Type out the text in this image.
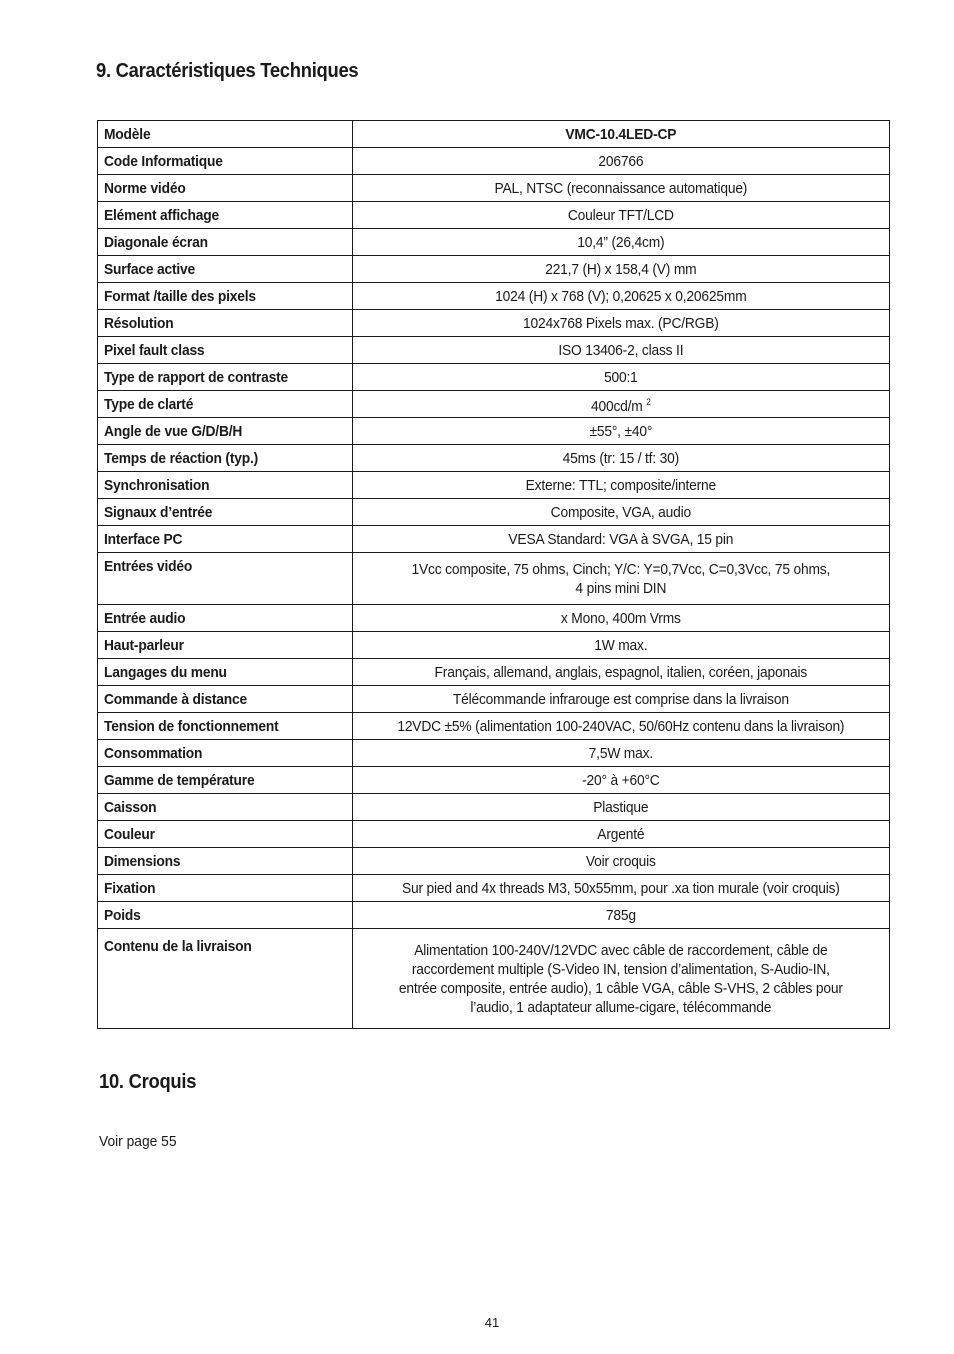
9. Caractéristiques Techniques
Modèle	VMC-10.4LED-CP

Code Informatique	206766

Norme vidéo	PAL, NTSC (reconnaissance automatique)

Elément affichage	Couleur TFT/LCD

Diagonale écran	10,4” (26,4cm)

Surface active	221,7 (H) x 158,4 (V) mm

Format /taille des pixels	1024 (H) x 768 (V); 0,20625 x 0,20625mm

Résolution	1024x768 Pixels max. (PC/RGB)

Pixel fault class	ISO 13406-2, class II

Type de rapport de contraste	500:1

Type de clarté	400cd/m $^2$

Angle de vue G/D/B/H	±55°, ±40°

Temps de réaction (typ.)	45ms (tr: 15 / tf: 30)

Synchronisation	Externe: TTL; composite/interne

Signaux d’entrée	Composite, VGA, audio

Interface PC	VESA Standard: VGA à SVGA, 15 pin

Entrées vidéo	1Vcc composite, 75 ohms, Cinch; Y/C: Y=0,7Vcc, C=0,3Vcc, 75 ohms,
4 pins mini DIN

Entrée audio	x Mono, 400m Vrms

Haut-parleur	1W max.

Langages du menu	Français, allemand, anglais, espagnol, italien, coréen, japonais

Commande à distance	Télécommande infrarouge est comprise dans la livraison

Tension de fonctionnement	12VDC ±5% (alimentation 100-240VAC, 50/60Hz contenu dans la livraison)

Consommation	7,5W max.

Gamme de température	-20° à +60°C

Caisson	Plastique

Couleur	Argenté

Dimensions	Voir croquis

Fixation	Sur pied and 4x threads M3, 50x55mm, pour .xa tion murale (voir croquis)

Poids	785g

Contenu de la livraison	Alimentation 100-240V/12VDC avec câble de raccordement, câble de
raccordement multiple (S-Video IN, tension d’alimentation, S-Audio-IN,
entrée composite, entrée audio), 1 câble VGA, câble S-VHS, 2 câbles pour
l’audio, 1 adaptateur allume-cigare, télécommande
10. Croquis
Voir page 55
41
